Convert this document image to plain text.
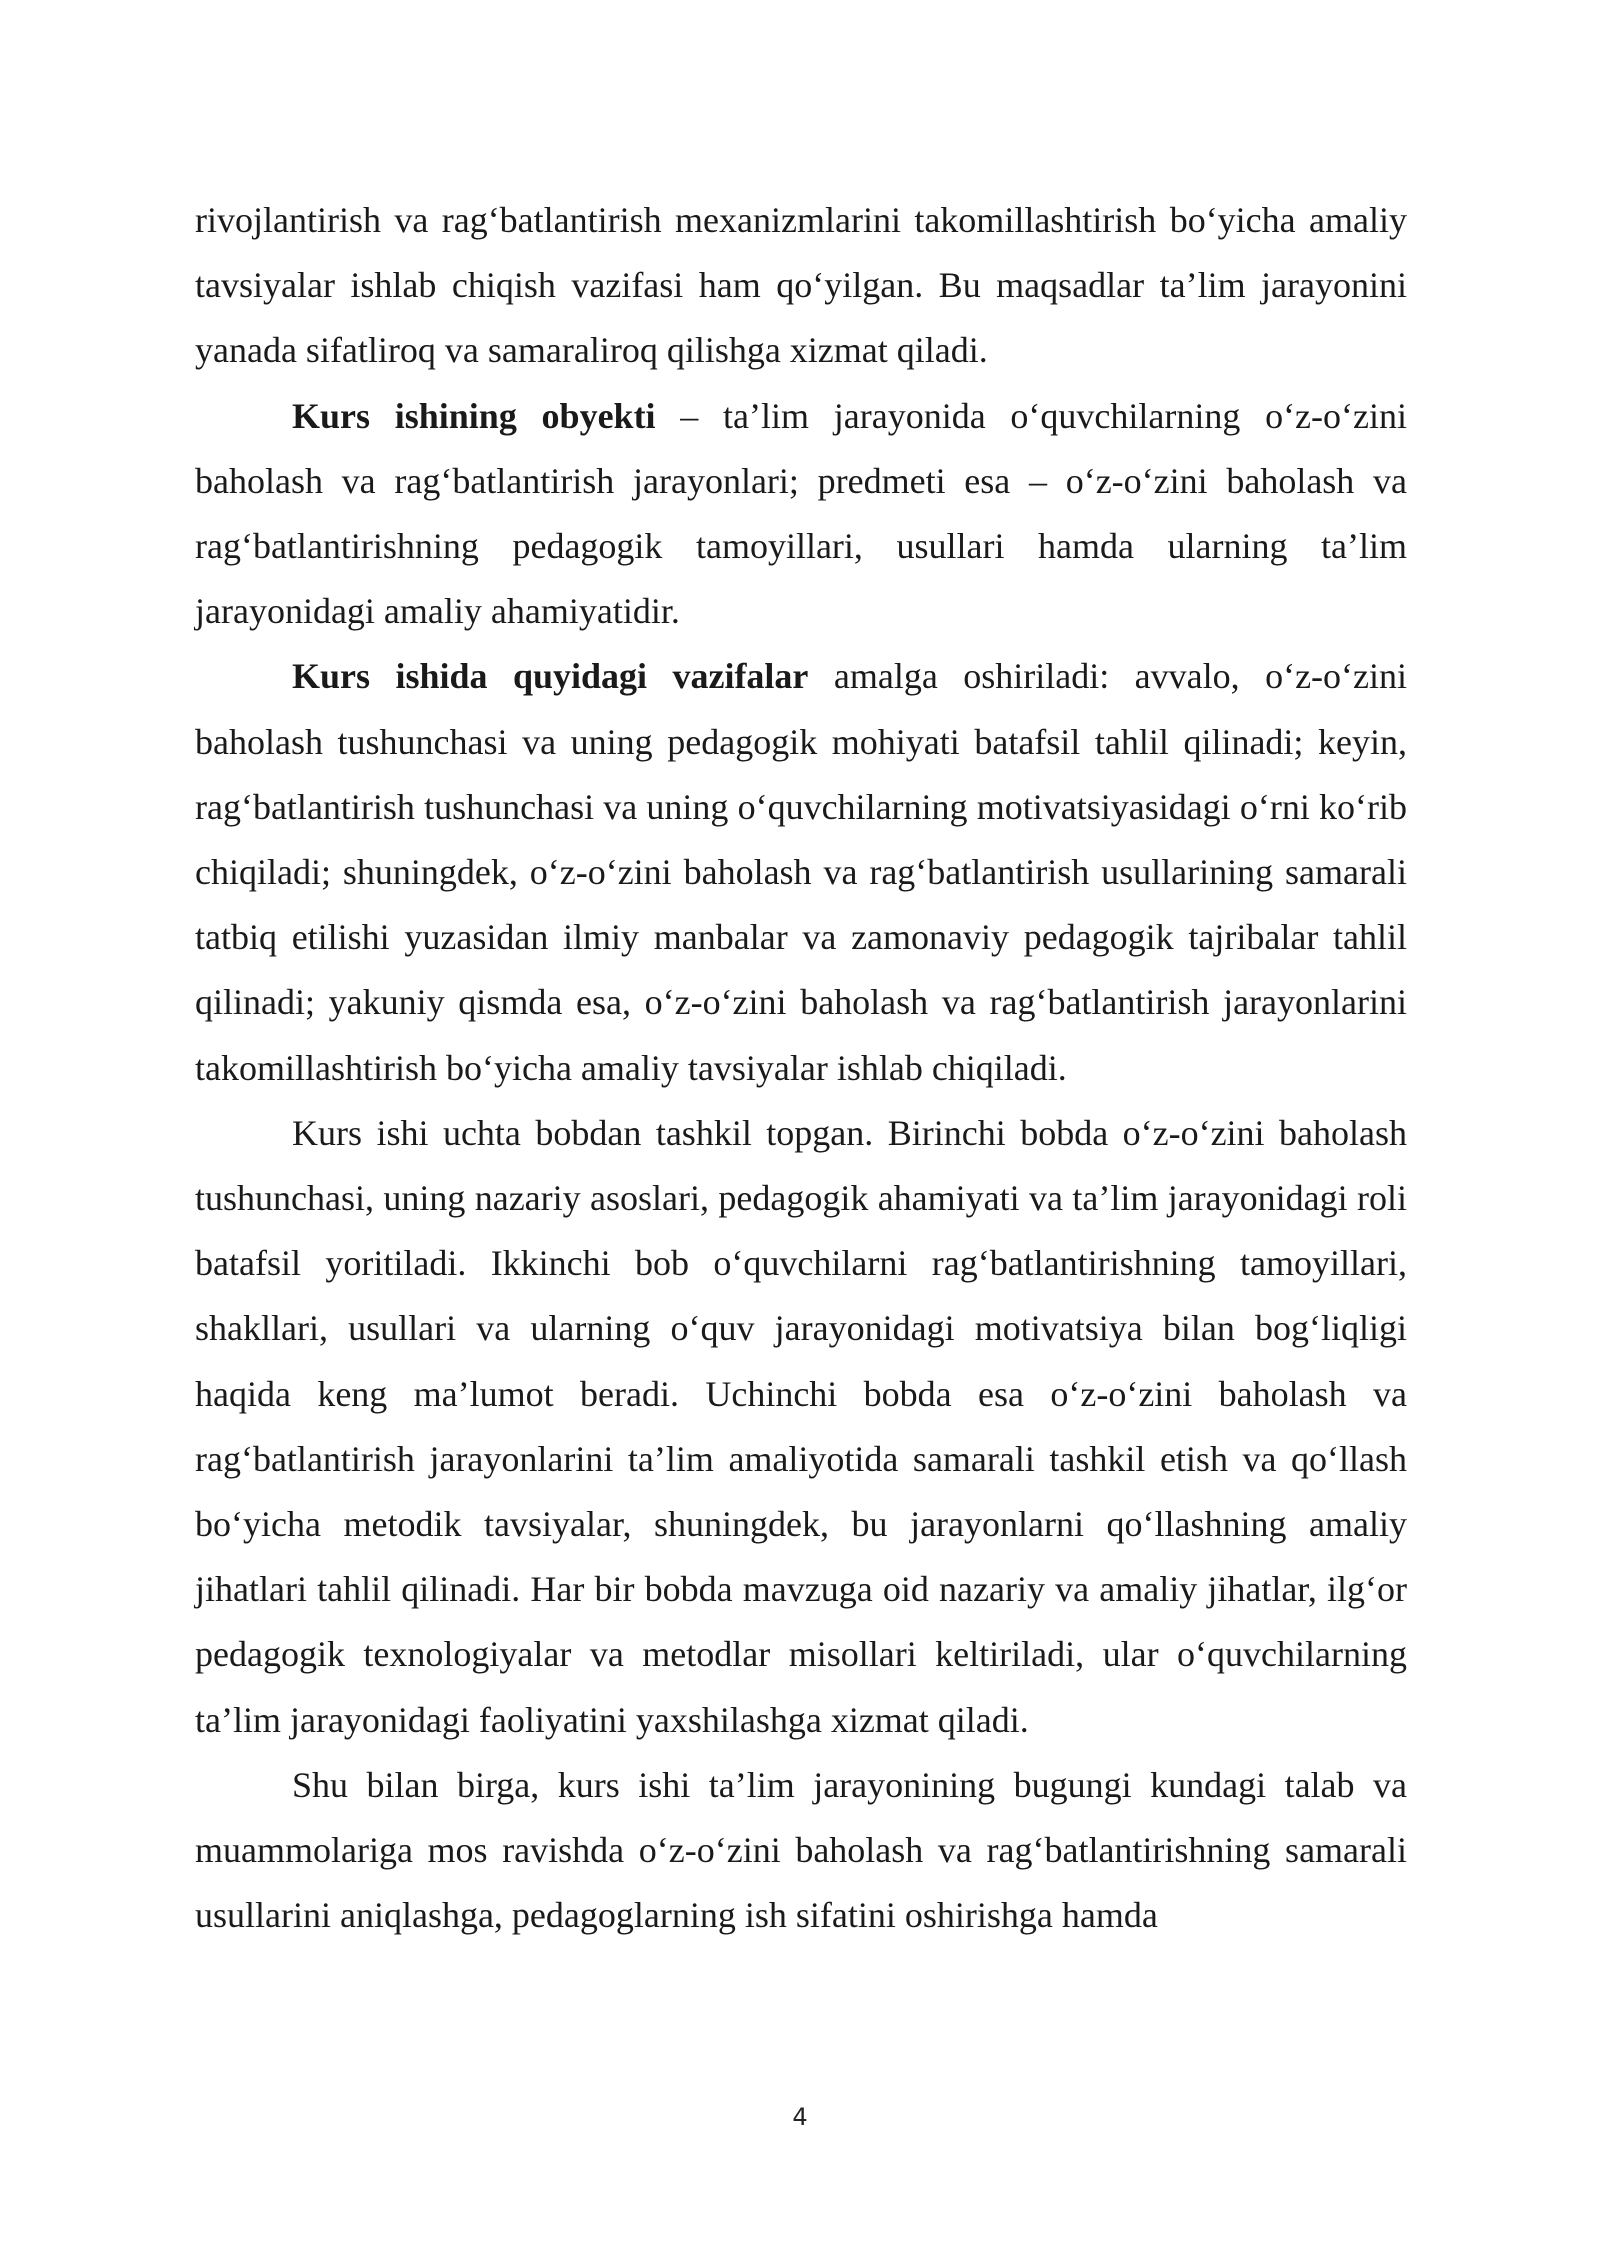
rivojlantirish va rag‘batlantirish mexanizmlarini takomillashtirish bo‘yicha amaliy tavsiyalar ishlab chiqish vazifasi ham qo‘yilgan. Bu maqsadlar ta’lim jarayonini yanada sifatliroq va samaraliroq qilishga xizmat qiladi.

Kurs ishining obyekti – ta’lim jarayonida o‘quvchilarning o‘z-o‘zini baholash va rag‘batlantirish jarayonlari; predmeti esa – o‘z-o‘zini baholash va rag‘batlantirishning pedagogik tamoyillari, usullari hamda ularning ta’lim jarayonidagi amaliy ahamiyatidir.

Kurs ishida quyidagi vazifalar amalga oshiriladi: avvalo, o‘z-o‘zini baholash tushunchasi va uning pedagogik mohiyati batafsil tahlil qilinadi; keyin, rag‘batlantirish tushunchasi va uning o‘quvchilarning motivatsiyasidagi o‘rni ko‘rib chiqiladi; shuningdek, o‘z-o‘zini baholash va rag‘batlantirish usullarining samarali tatbiq etilishi yuzasidan ilmiy manbalar va zamonaviy pedagogik tajribalar tahlil qilinadi; yakuniy qismda esa, o‘z-o‘zini baholash va rag‘batlantirish jarayonlarini takomillashtirish bo‘yicha amaliy tavsiyalar ishlab chiqiladi.

Kurs ishi uchta bobdan tashkil topgan. Birinchi bobda o‘z-o‘zini baholash tushunchasi, uning nazariy asoslari, pedagogik ahamiyati va ta’lim jarayonidagi roli batafsil yoritiladi. Ikkinchi bob o‘quvchilarni rag‘batlantirishning tamoyillari, shakllari, usullari va ularning o‘quv jarayonidagi motivatsiya bilan bog‘liqligi haqida keng ma’lumot beradi. Uchinchi bobda esa o‘z-o‘zini baholash va rag‘batlantirish jarayonlarini ta’lim amaliyotida samarali tashkil etish va qo‘llash bo‘yicha metodik tavsiyalar, shuningdek, bu jarayonlarni qo‘llashning amaliy jihatlari tahlil qilinadi. Har bir bobda mavzuga oid nazariy va amaliy jihatlar, ilg‘or pedagogik texnologiyalar va metodlar misollari keltiriladi, ular o‘quvchilarning ta’lim jarayonidagi faoliyatini yaxshilashga xizmat qiladi.

Shu bilan birga, kurs ishi ta’lim jarayonining bugungi kundagi talab va muammolariga mos ravishda o‘z-o‘zini baholash va rag‘batlantirishning samarali usullarini aniqlashga, pedagoglarning ish sifatini oshirishga hamda

4
